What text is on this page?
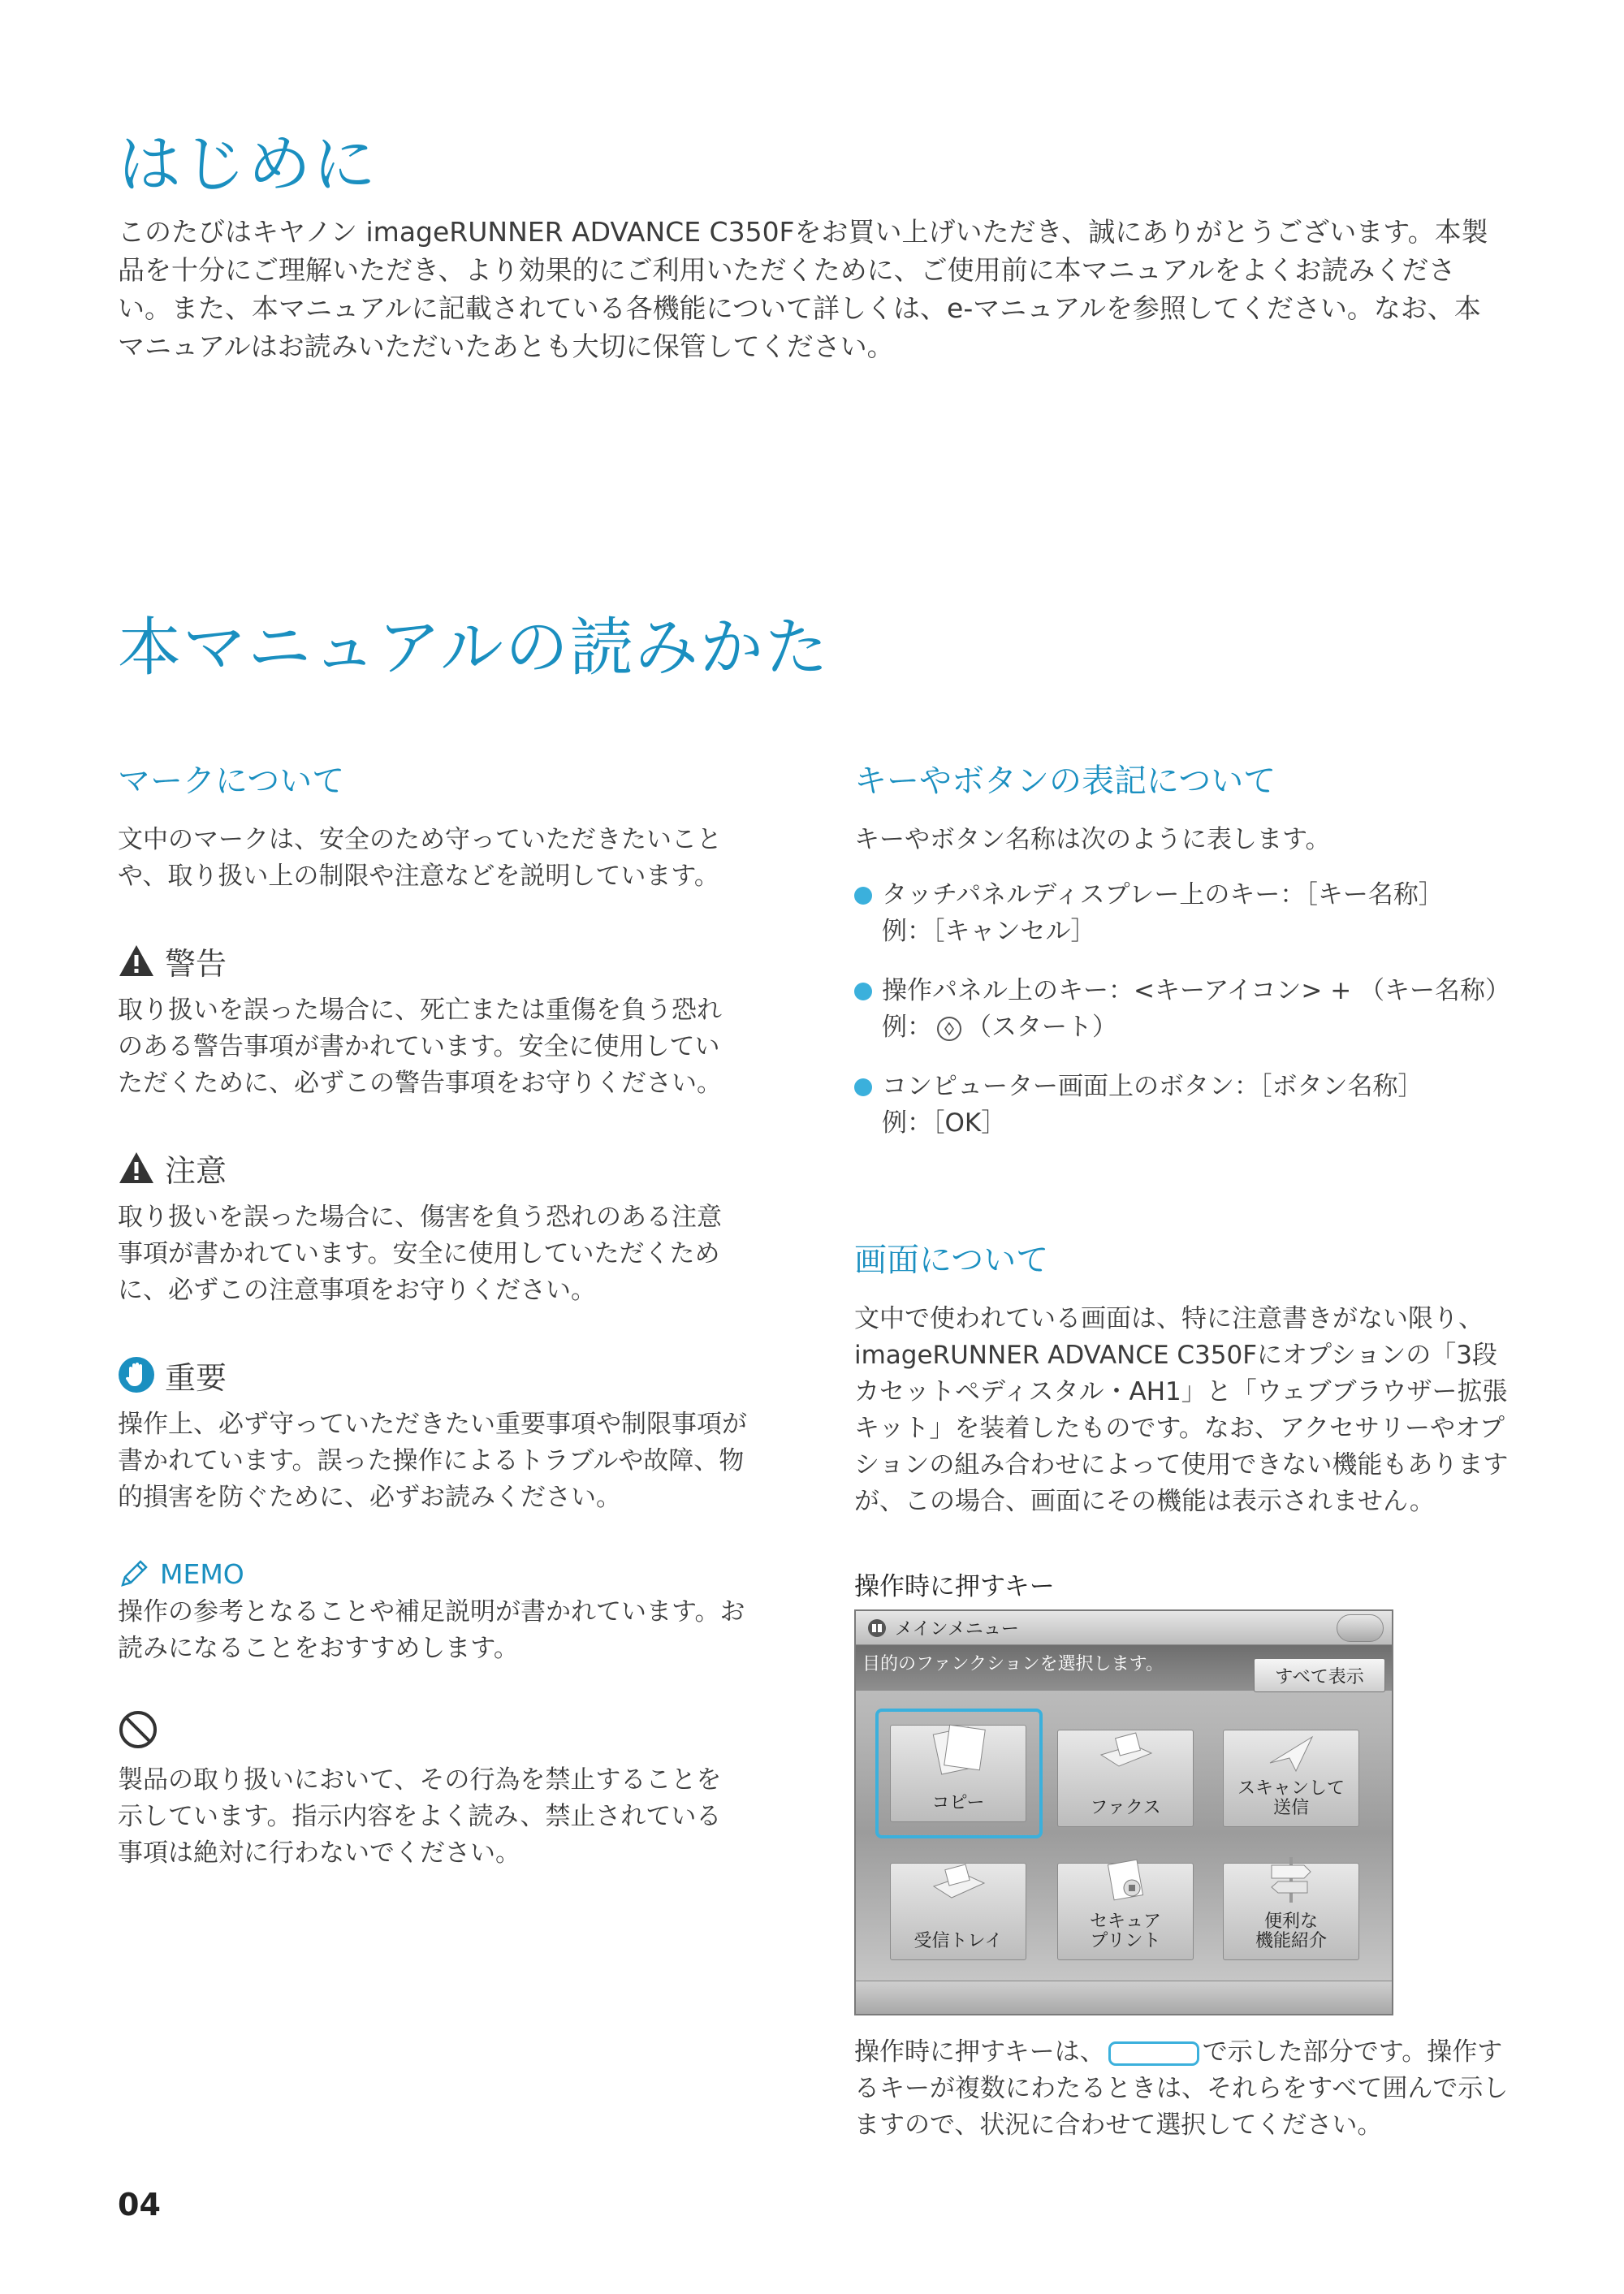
はじめに

このたびはキヤノン imageRUNNER ADVANCE C350Fをお買い上げいただき、誠にありがとうございます。本製品を十分にご理解いただき、より効果的にご利用いただくために、ご使用前に本マニュアルをよくお読みください。また、本マニュアルに記載されている各機能について詳しくは、e-マニュアルを参照してください。なお、本マニュアルはお読みいただいたあとも大切に保管してください。

本マニュアルの読みかた
マークについて

文中のマークは、安全のため守っていただきたいことや、取り扱い上の制限や注意などを説明しています。

警告

取り扱いを誤った場合に、死亡または重傷を負う恐れのある警告事項が書かれています。安全に使用していただくために、必ずこの警告事項をお守りください。

注意

取り扱いを誤った場合に、傷害を負う恐れのある注意事項が書かれています。安全に使用していただくために、必ずこの注意事項をお守りください。

重要

操作上、必ず守っていただきたい重要事項や制限事項が書かれています。誤った操作によるトラブルや故障、物的損害を防ぐために、必ずお読みください。

MEMO

操作の参考となることや補足説明が書かれています。お読みになることをおすすめします。

製品の取り扱いにおいて、その行為を禁止することを示しています。指示内容をよく読み、禁止されている事項は絶対に行わないでください。

キーやボタンの表記について

キーやボタン名称は次のように表します。

タッチパネルディスプレー上のキー：［キー名称］
例：［キャンセル］
操作パネル上のキー：<キーアイコン> + （キー名称）
例： （スタート）
コンピューター画面上のボタン：［ボタン名称］
例：［OK］
画面について

文中で使われている画面は、特に注意書きがない限り、imageRUNNER ADVANCE C350Fにオプションの「3段カセットペディスタル・AH1」と「ウェブブラウザー拡張キット」を装着したものです。なお、アクセサリーやオプションの組み合わせによって使用できない機能もありますが、この場合、画面にその機能は表示されません。

操作時に押すキー

メインメニュー
目的のファンクションを選択します。
すべて表示
コピー	ファクス
スキャンして
送信
受信トレイ
セキュア
プリント
便利な
機能紹介

操作時に押すキーは、	で示した部分です。操作するキーが複数にわたるときは、それらをすべて囲んで示しますので、状況に合わせて選択してください。

04
